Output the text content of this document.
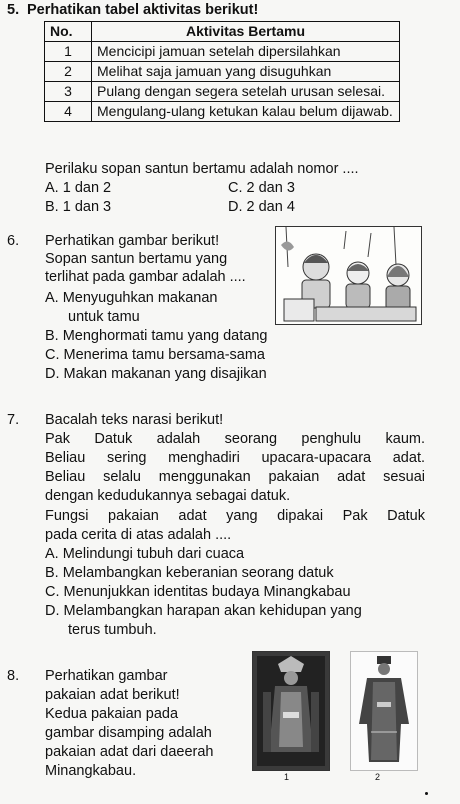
5. Perhatikan tabel aktivitas berikut!
No.	Aktivitas Bertamu
1	Mencicipi jamuan setelah dipersilahkan
2	Melihat saja jamuan yang disuguhkan
3	Pulang dengan segera setelah urusan selesai.
4	Mengulang-ulang ketukan kalau belum dijawab.
Perilaku sopan santun bertamu adalah nomor ....
A. 1 dan 2	C. 2 dan 3
B. 1 dan 3	D. 2 dan 4
6. Perhatikan gambar berikut!
Sopan santun bertamu yang
terlihat pada gambar adalah ....
A. Menyuguhkan makanan
untuk tamu
B. Menghormati tamu yang datang
C. Menerima tamu bersama-sama
D. Makan makanan yang disajikan
7. Bacalah teks narasi berikut!
Pak Datuk adalah seorang penghulu kaum.
Beliau sering menghadiri upacara-upacara adat.
Beliau selalu menggunakan pakaian adat sesuai
dengan kedudukannya sebagai datuk.
Fungsi pakaian adat yang dipakai Pak Datuk
pada cerita di atas adalah ....
A. Melindungi tubuh dari cuaca
B. Melambangkan keberanian seorang datuk
C. Menunjukkan identitas budaya Minangkabau
D. Melambangkan harapan akan kehidupan yang
terus tumbuh.
8. Perhatikan gambar
pakaian adat berikut!
Kedua pakaian pada
gambar disamping adalah
pakaian adat dari daeerah
Minangkabau.	1	2
